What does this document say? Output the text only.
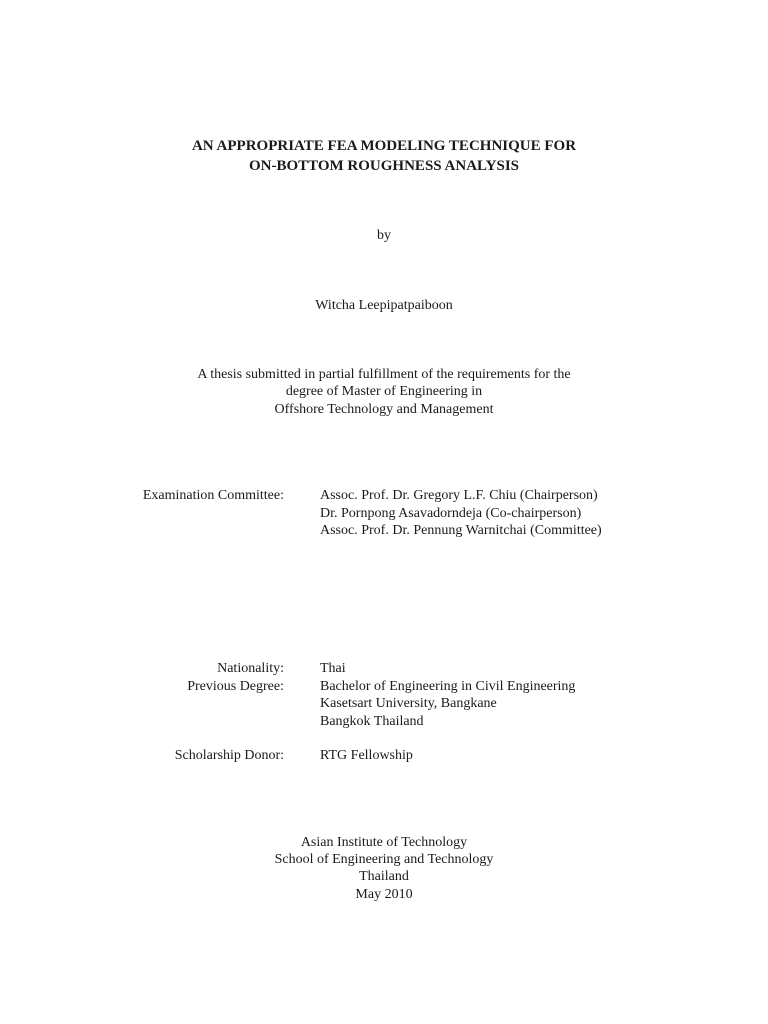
AN APPROPRIATE FEA MODELING TECHNIQUE FOR
ON-BOTTOM ROUGHNESS ANALYSIS
by
Witcha Leepipatpaiboon
A thesis submitted in partial fulfillment of the requirements for the
degree of Master of Engineering in
Offshore Technology and Management
Examination Committee:	Assoc. Prof. Dr. Gregory L.F. Chiu (Chairperson)
Dr. Pornpong Asavadorndeja (Co-chairperson)
Assoc. Prof. Dr. Pennung Warnitchai (Committee)
Nationality:	Thai
Previous Degree:	Bachelor of Engineering in Civil Engineering
Kasetsart University, Bangkane
Bangkok Thailand
Scholarship Donor:	RTG Fellowship
Asian Institute of Technology
School of Engineering and Technology
Thailand
May 2010
